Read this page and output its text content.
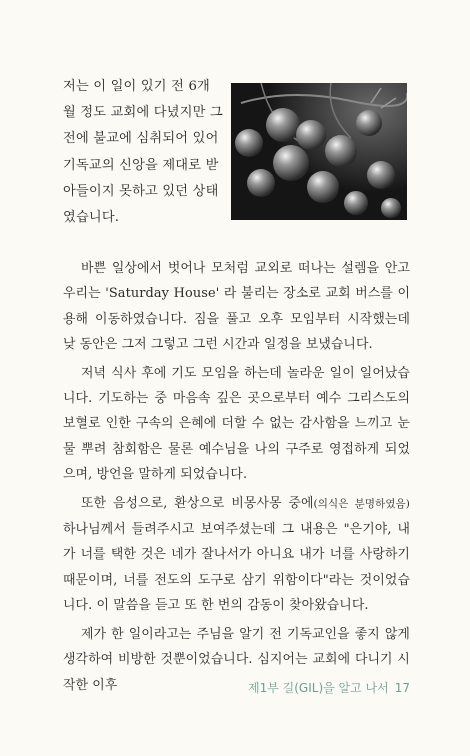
저는 이 일이 있기 전 6개

월 정도 교회에 다녔지만 그

전에 불교에 심취되어 있어

기독교의 신앙을 제대로 받

아들이지 못하고 있던 상태

였습니다.

바쁜 일상에서 벗어나 모처럼 교외로 떠나는 설렘을 안고 우리는 'Saturday House' 라 불리는 장소로 교회 버스를 이용해 이동하였습니다. 짐을 풀고 오후 모임부터 시작했는데 낮 동안은 그저 그렇고 그런 시간과 일정을 보냈습니다.

저녁 식사 후에 기도 모임을 하는데 놀라운 일이 일어났습니다. 기도하는 중 마음속 깊은 곳으로부터 예수 그리스도의 보혈로 인한 구속의 은혜에 더할 수 없는 감사함을 느끼고 눈물 뿌려 참회함은 물론 예수님을 나의 구주로 영접하게 되었으며, 방언을 말하게 되었습니다.

또한 음성으로, 환상으로 비몽사몽 중에(의식은 분명하였음) 하나님께서 들려주시고 보여주셨는데 그 내용은 "은기야, 내가 너를 택한 것은 네가 잘나서가 아니요 내가 너를 사랑하기 때문이며, 너를 전도의 도구로 삼기 위함이다"라는 것이었습니다. 이 말씀을 듣고 또 한 번의 감동이 찾아왔습니다.

제가 한 일이라고는 주님을 알기 전 기독교인을 좋지 않게 생각하여 비방한 것뿐이었습니다. 심지어는 교회에 다니기 시작한 이후	제1부 길(GIL)을 알고 나서 17
